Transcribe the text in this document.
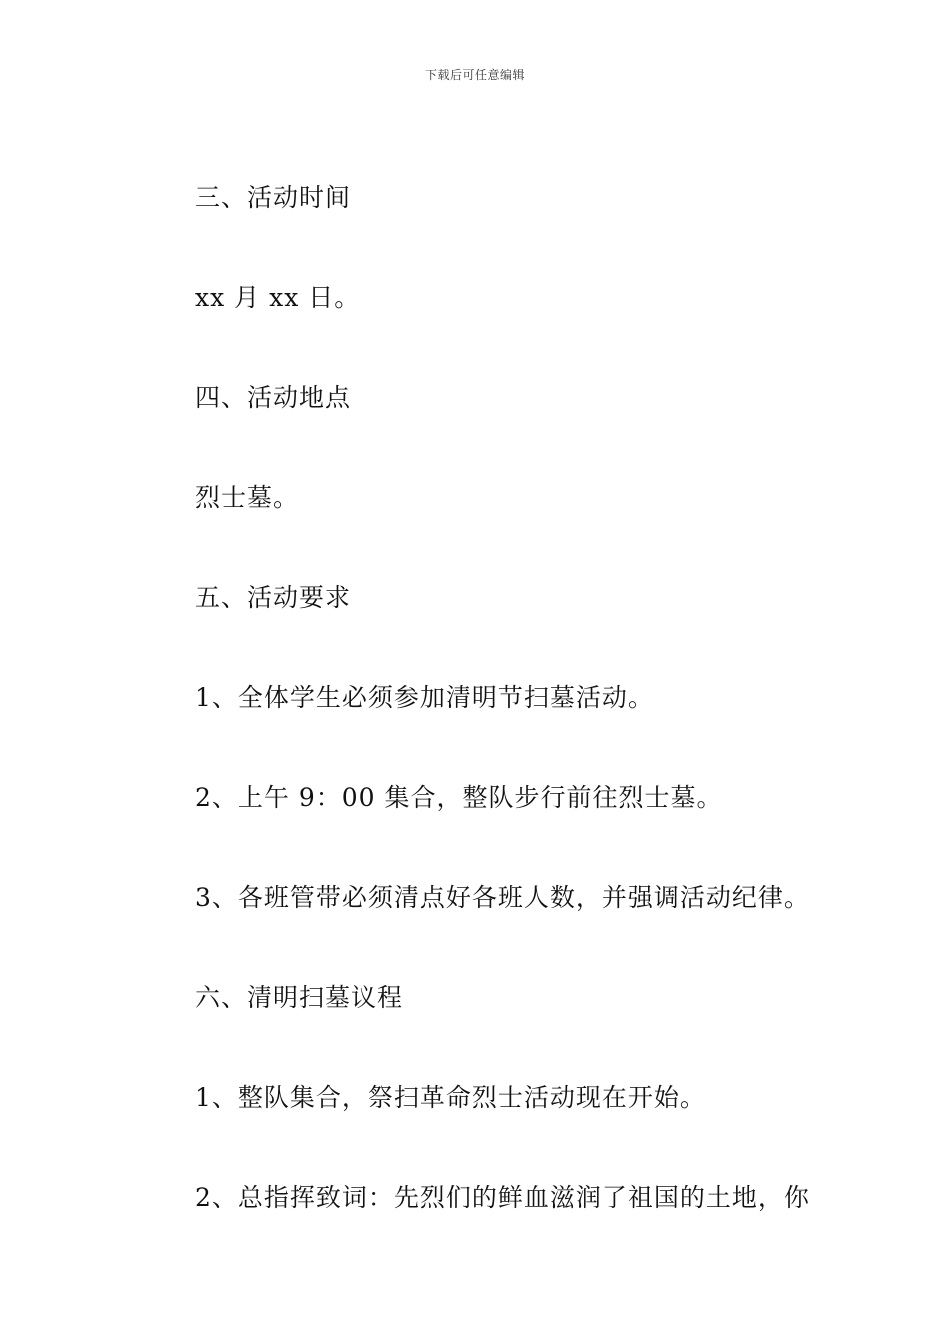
下载后可任意编辑
三、活动时间
xx 月 xx 日。
四、活动地点
烈士墓。
五、活动要求
1、全体学生必须参加清明节扫墓活动。
2、上午 9：00 集合，整队步行前往烈士墓。
3、各班管带必须清点好各班人数，并强调活动纪律。
六、清明扫墓议程
1、整队集合，祭扫革命烈士活动现在开始。
2、总指挥致词：先烈们的鲜血滋润了祖国的土地，你
